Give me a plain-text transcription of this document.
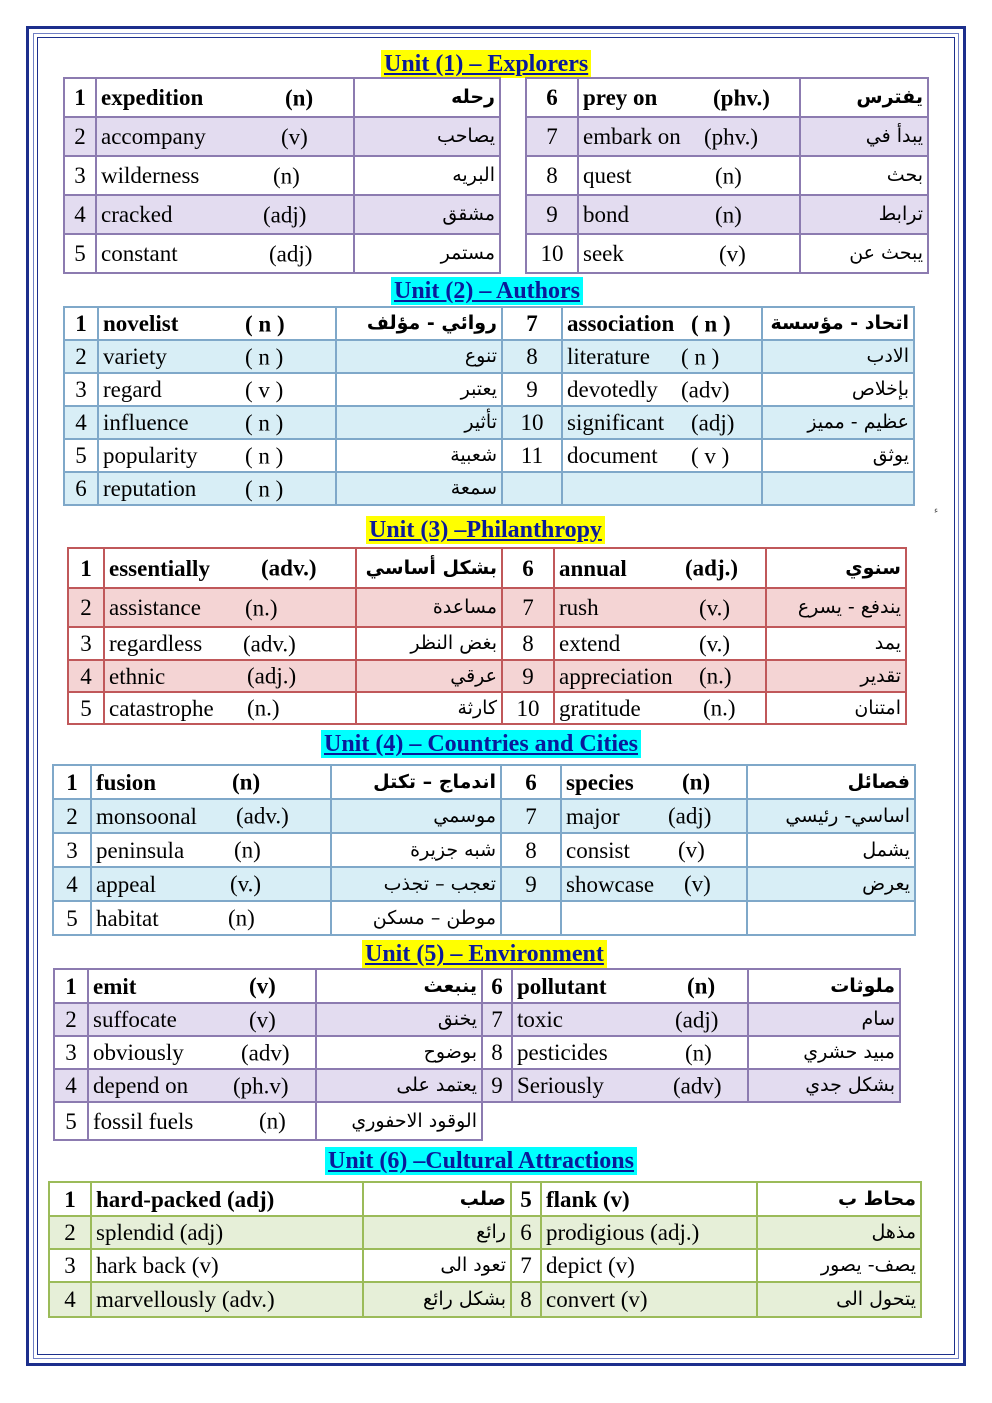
ء
Unit (1) – Explorers
1	expedition (n)	رحله		6	prey on (phv.)	يفترس
2	accompany (v)	يصاحب		7	embark on (phv.)	يبدأ في
3	wilderness (n)	البريه		8	quest (n)	بحث
4	cracked (adj)	مشقق		9	bond (n)	ترابط
5	constant (adj)	مستمر		10	seek (v)	يبحث عن
Unit (2) – Authors
1	novelist ( n )	روائي - مؤلف	7	association ( n )	اتحاد - مؤسسة
2	variety ( n )	تنوع	8	literature ( n )	الادب
3	regard ( v )	يعتبر	9	devotedly (adv)	بإخلاص
4	influence ( n )	تأثير	10	significant (adj)	عظيم - مميز
5	popularity ( n )	شعبية	11	document ( v )	يوثق
6	reputation ( n )	سمعة			
Unit (3) –Philanthropy
1	essentially (adv.)	بشكل أساسي	6	annual (adj.)	سنوي
2	assistance (n.)	مساعدة	7	rush (v.)	يندفع - يسرع
3	regardless (adv.)	بغض النظر	8	extend (v.)	يمد
4	ethnic (adj.)	عرقي	9	appreciation (n.)	تقدير
5	catastrophe (n.)	كارثة	10	gratitude (n.)	امتنان
Unit (4) – Countries and Cities
1	fusion (n)	اندماج – تكتل	6	species (n)	فصائل
2	monsoonal (adv.)	موسمي	7	major (adj)	اساسي- رئيسي
3	peninsula (n)	شبه جزيرة	8	consist (v)	يشمل
4	appeal (v.)	تعجب – تجذب	9	showcase (v)	يعرض
5	habitat (n)	موطن – مسكن			
Unit (5) – Environment
1	emit (v)	ينبعث	6	pollutant (n)	ملوثات
2	suffocate (v)	يخنق	7	toxic (adj)	سام
3	obviously (adv)	بوضوح	8	pesticides (n)	مبيد حشري
4	depend on (ph.v)	يعتمد على	9	Seriously (adv)	بشكل جدي
5	fossil fuels (n)	الوقود الاحفوري			
Unit (6) –Cultural Attractions
1	hard-packed (adj)	صلب	5	flank (v)	محاط ب
2	splendid (adj)	رائع	6	prodigious (adj.)	مذهل
3	hark back (v)	تعود الى	7	depict (v)	يصف- يصور
4	marvellously (adv.)	بشكل رائع	8	convert (v)	يتحول الى
